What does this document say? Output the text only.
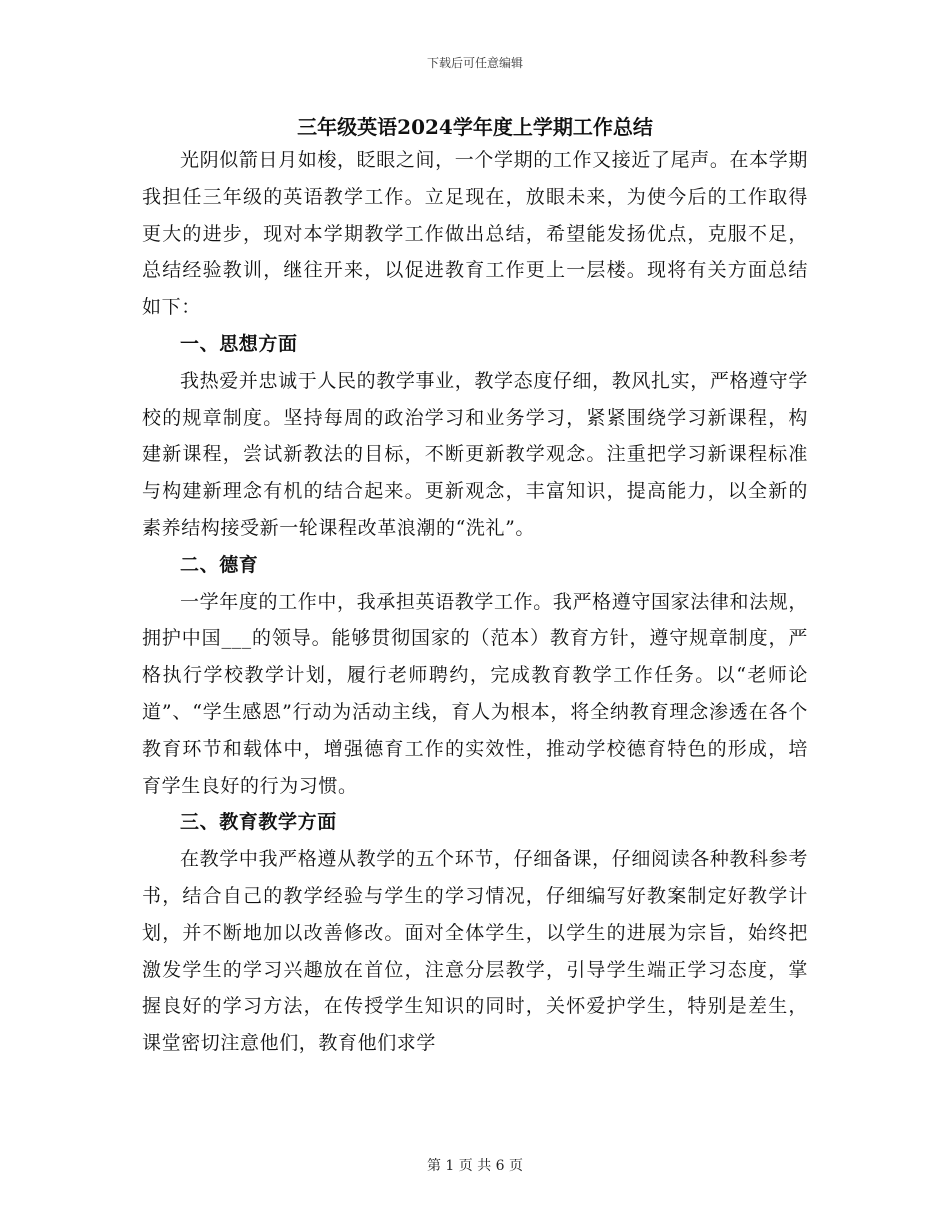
下载后可任意编辑
三年级英语2024学年度上学期工作总结

光阴似箭日月如梭，眨眼之间，一个学期的工作又接近了尾声。在本学期我担任三年级的英语教学工作。立足现在，放眼未来，为使今后的工作取得更大的进步，现对本学期教学工作做出总结，希望能发扬优点，克服不足，总结经验教训，继往开来，以促进教育工作更上一层楼。现将有关方面总结如下：

一、思想方面

我热爱并忠诚于人民的教学事业，教学态度仔细，教风扎实，严格遵守学校的规章制度。坚持每周的政治学习和业务学习，紧紧围绕学习新课程，构建新课程，尝试新教法的目标，不断更新教学观念。注重把学习新课程标准与构建新理念有机的结合起来。更新观念，丰富知识，提高能力，以全新的素养结构接受新一轮课程改革浪潮的“洗礼”。

二、德育

一学年度的工作中，我承担英语教学工作。我严格遵守国家法律和法规，拥护中国___的领导。能够贯彻国家的（范本）教育方针，遵守规章制度，严格执行学校教学计划，履行老师聘约，完成教育教学工作任务。以“老师论道”、“学生感恩”行动为活动主线，育人为根本，将全纳教育理念渗透在各个教育环节和载体中，增强德育工作的实效性，推动学校德育特色的形成，培育学生良好的行为习惯。

三、教育教学方面

在教学中我严格遵从教学的五个环节，仔细备课，仔细阅读各种教科参考书，结合自己的教学经验与学生的学习情况，仔细编写好教案制定好教学计划，并不断地加以改善修改。面对全体学生，以学生的进展为宗旨，始终把激发学生的学习兴趣放在首位，注意分层教学，引导学生端正学习态度，掌握良好的学习方法，在传授学生知识的同时，关怀爱护学生，特别是差生，课堂密切注意他们，教育他们求学

第 1 页 共 6 页
